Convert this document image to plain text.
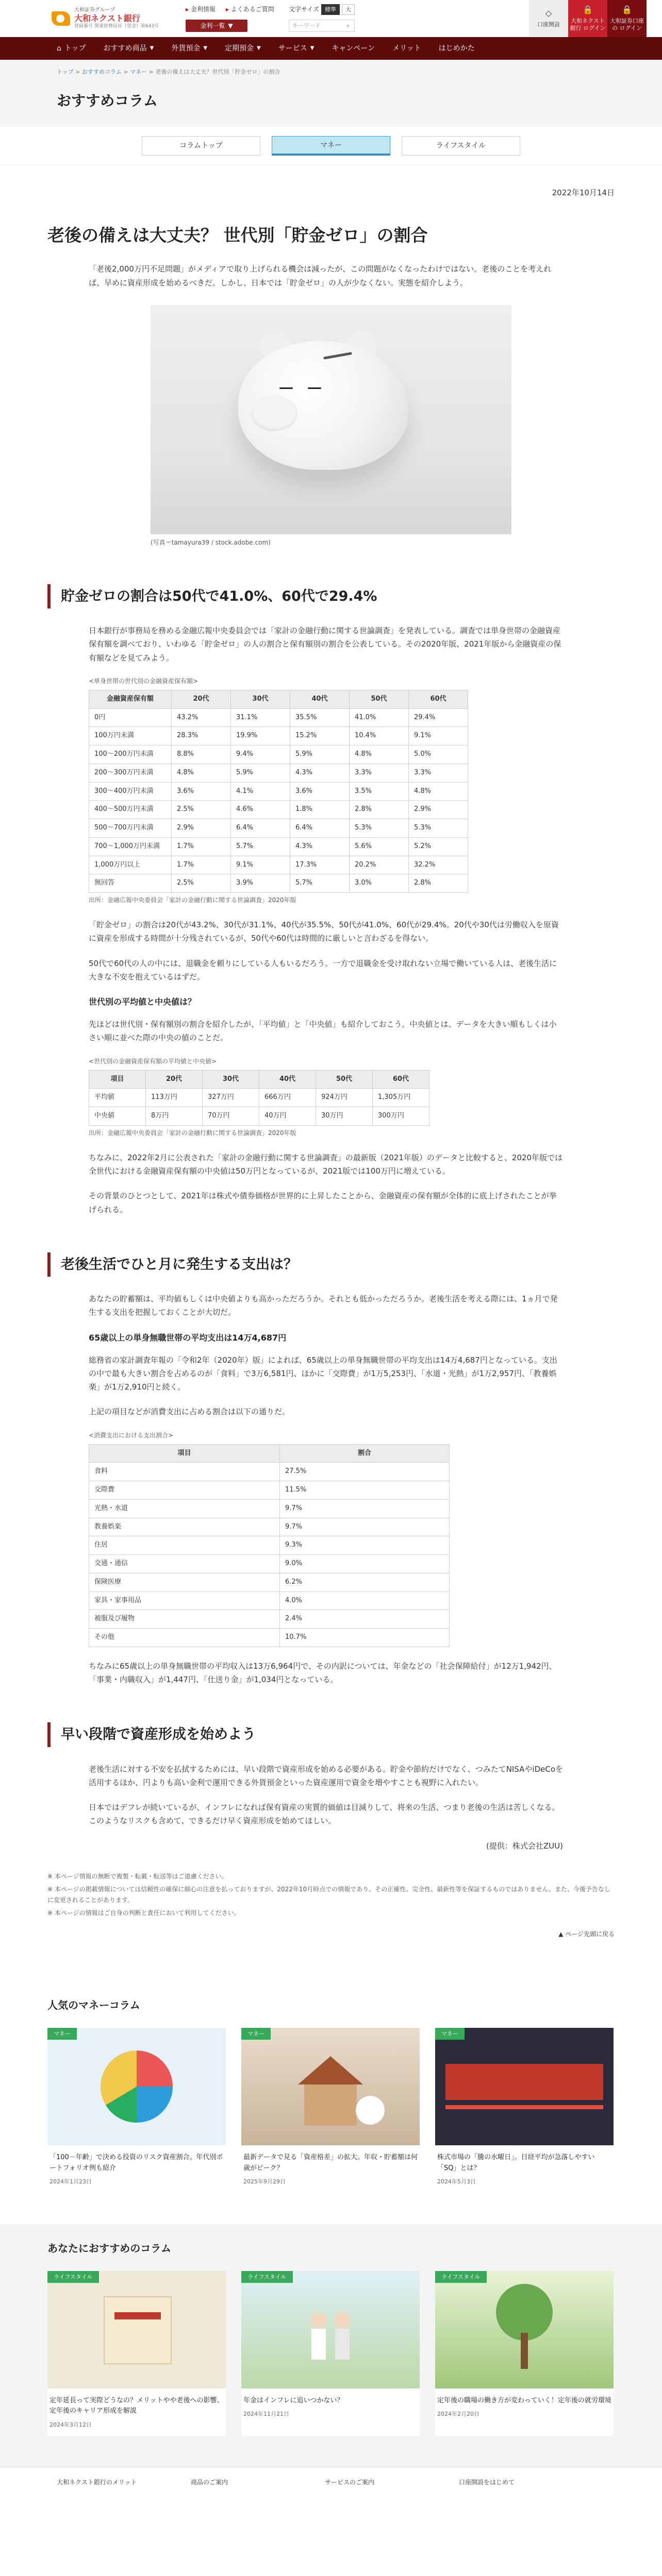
大和証券グループ
大和ネクスト銀行
登録番号 関東財務局長（登金）第643号
▸ 金利情報	▸ よくあるご質問 文字サイズ	標準	大
金利一覧 ▼	キーワード	⌕
◇
口座開設
🔒
大和ネクスト銀行 ログイン
🔒
大和証券口座の ログイン
⌂ トップ おすすめ商品 ▼ 外貨預金 ▼ 定期預金 ▼ サービス ▼ キャンペーン メリット はじめかた
トップ > おすすめコラム > マネー > 老後の備えは大丈夫？世代別「貯金ゼロ」の割合
おすすめコラム
コラムトップ	マネー	ライフスタイル
2022年10月14日
老後の備えは大丈夫？ 世代別「貯金ゼロ」の割合

「老後2,000万円不足問題」がメディアで取り上げられる機会は減ったが、この問題がなくなったわけではない。老後のことを考えれば、早めに資産形成を始めるべきだ。しかし、日本では「貯金ゼロ」の人が少なくない。実態を紹介しよう。

(写真＝tamayura39 / stock.adobe.com)
貯金ゼロの割合は50代で41.0%、60代で29.4%

日本銀行が事務局を務める金融広報中央委員会では「家計の金融行動に関する世論調査」を発表している。調査では単身世帯の金融資産保有額を調べており、いわゆる「貯金ゼロ」の人の割合と保有額別の割合を公表している。その2020年版、2021年版から金融資産の保有額などを見てみよう。

<単身世帯の世代別の金融資産保有額>
金融資産保有額	20代	30代	40代	50代	60代
0円	43.2%	31.1%	35.5%	41.0%	29.4%
100万円未満	28.3%	19.9%	15.2%	10.4%	9.1%
100〜200万円未満	8.8%	9.4%	5.9%	4.8%	5.0%
200〜300万円未満	4.8%	5.9%	4.3%	3.3%	3.3%
300〜400万円未満	3.6%	4.1%	3.6%	3.5%	4.8%
400〜500万円未満	2.5%	4.6%	1.8%	2.8%	2.9%
500〜700万円未満	2.9%	6.4%	6.4%	5.3%	5.3%
700〜1,000万円未満	1.7%	5.7%	4.3%	5.6%	5.2%
1,000万円以上	1.7%	9.1%	17.3%	20.2%	32.2%
無回答	2.5%	3.9%	5.7%	3.0%	2.8%
出所：金融広報中央委員会「家計の金融行動に関する世論調査」2020年版

「貯金ゼロ」の割合は20代が43.2%、30代が31.1%、40代が35.5%、50代が41.0%、60代が29.4%。20代や30代は労働収入を原資に資産を形成する時間が十分残されているが、50代や60代は時間的に厳しいと言わざるを得ない。

50代で60代の人の中には、退職金を頼りにしている人もいるだろう。一方で退職金を受け取れない立場で働いている人は、老後生活に大きな不安を抱えているはずだ。

世代別の平均値と中央値は？

先ほどは世代別・保有額別の割合を紹介したが、「平均値」と「中央値」も紹介しておこう。中央値とは、データを大きい順もしくは小さい順に並べた際の中央の値のことだ。

<世代別の金融資産保有額の平均値と中央値>
項目	20代	30代	40代	50代	60代
平均値	113万円	327万円	666万円	924万円	1,305万円
中央値	8万円	70万円	40万円	30万円	300万円
出所：金融広報中央委員会「家計の金融行動に関する世論調査」2020年版

ちなみに、2022年2月に公表された「家計の金融行動に関する世論調査」の最新版（2021年版）のデータと比較すると、2020年版では全世代における金融資産保有額の中央値は50万円となっているが、2021版では100万円に増えている。

その背景のひとつとして、2021年は株式や債券価格が世界的に上昇したことから、金融資産の保有額が全体的に底上げされたことが挙げられる。

老後生活でひと月に発生する支出は？

あなたの貯蓄額は、平均値もしくは中央値よりも高かっただろうか。それとも低かっただろうか。老後生活を考える際には、1ヵ月で発生する支出を把握しておくことが大切だ。

65歳以上の単身無職世帯の平均支出は14万4,687円

総務省の家計調査年報の「令和2年（2020年）版」によれば、65歳以上の単身無職世帯の平均支出は14万4,687円となっている。支出の中で最も大きい割合を占めるのが「食料」で3万6,581円、ほかに「交際費」が1万5,253円、「水道・光熱」が1万2,957円、「教養娯楽」が1万2,910円と続く。

上記の項目などが消費支出に占める割合は以下の通りだ。

<消費支出における支出割合>
項目	割合
食料	27.5%
交際費	11.5%
光熱・水道	9.7%
教養娯楽	9.7%
住居	9.3%
交通・通信	9.0%
保険医療	6.2%
家具・家事用品	4.0%
被服及び履物	2.4%
その他	10.7%

ちなみに65歳以上の単身無職世帯の平均収入は13万6,964円で、その内訳については、年金などの「社会保障給付」が12万1,942円、「事業・内職収入」が1,447円、「仕送り金」が1,034円となっている。

早い段階で資産形成を始めよう

老後生活に対する不安を払拭するためには、早い段階で資産形成を始める必要がある。貯金や節約だけでなく、つみたてNISAやiDeCoを活用するほか、円よりも高い金利で運用できる外貨預金といった資産運用で資金を増やすことも視野に入れたい。

日本ではデフレが続いているが、インフレになれば保有資産の実質的価値は目減りして、将来の生活、つまり老後の生活は苦しくなる。このようなリスクも含めて、できるだけ早く資産形成を始めてほしい。

(提供：株式会社ZUU)

※ 本ページ情報の無断で複製・転載・転送等はご遠慮ください。
※ 本ページの掲載情報については信頼性の確保に細心の注意を払っておりますが、2022年10月時点での情報であり、その正確性、完全性、最新性等を保証するものではありません。また、今後予告なしに変更されることがあります。
※ 本ページの情報はご自身の判断と責任において利用してください。
▲ ページ先頭に戻る
人気のマネーコラム
マネー
「100－年齢」で決める投資のリスク資産割合。年代別ポートフォリオ例も紹介
2024年1月23日
マネー
最新データで見る「資産格差」の拡大。年収・貯蓄額は何歳がピーク？
2025年9月29日
マネー
株式市場の「騰の水曜日」。日経平均が急落しやすい「SQ」とは？
2024年5月3日
あなたにおすすめのコラム
ライフスタイル
定年延長って実際どうなの？メリットやや老後への影響、定年後のキャリア形成を解説
2024年3月12日
ライフスタイル
年金はインフレに追いつかない？
2024年11月21日
ライフスタイル
定年後の職場の働き方が変わっていく！定年後の就労環境
2024年2月20日
大和ネクスト銀行のメリット	商品のご案内	サービスのご案内	口座開設をはじめて
